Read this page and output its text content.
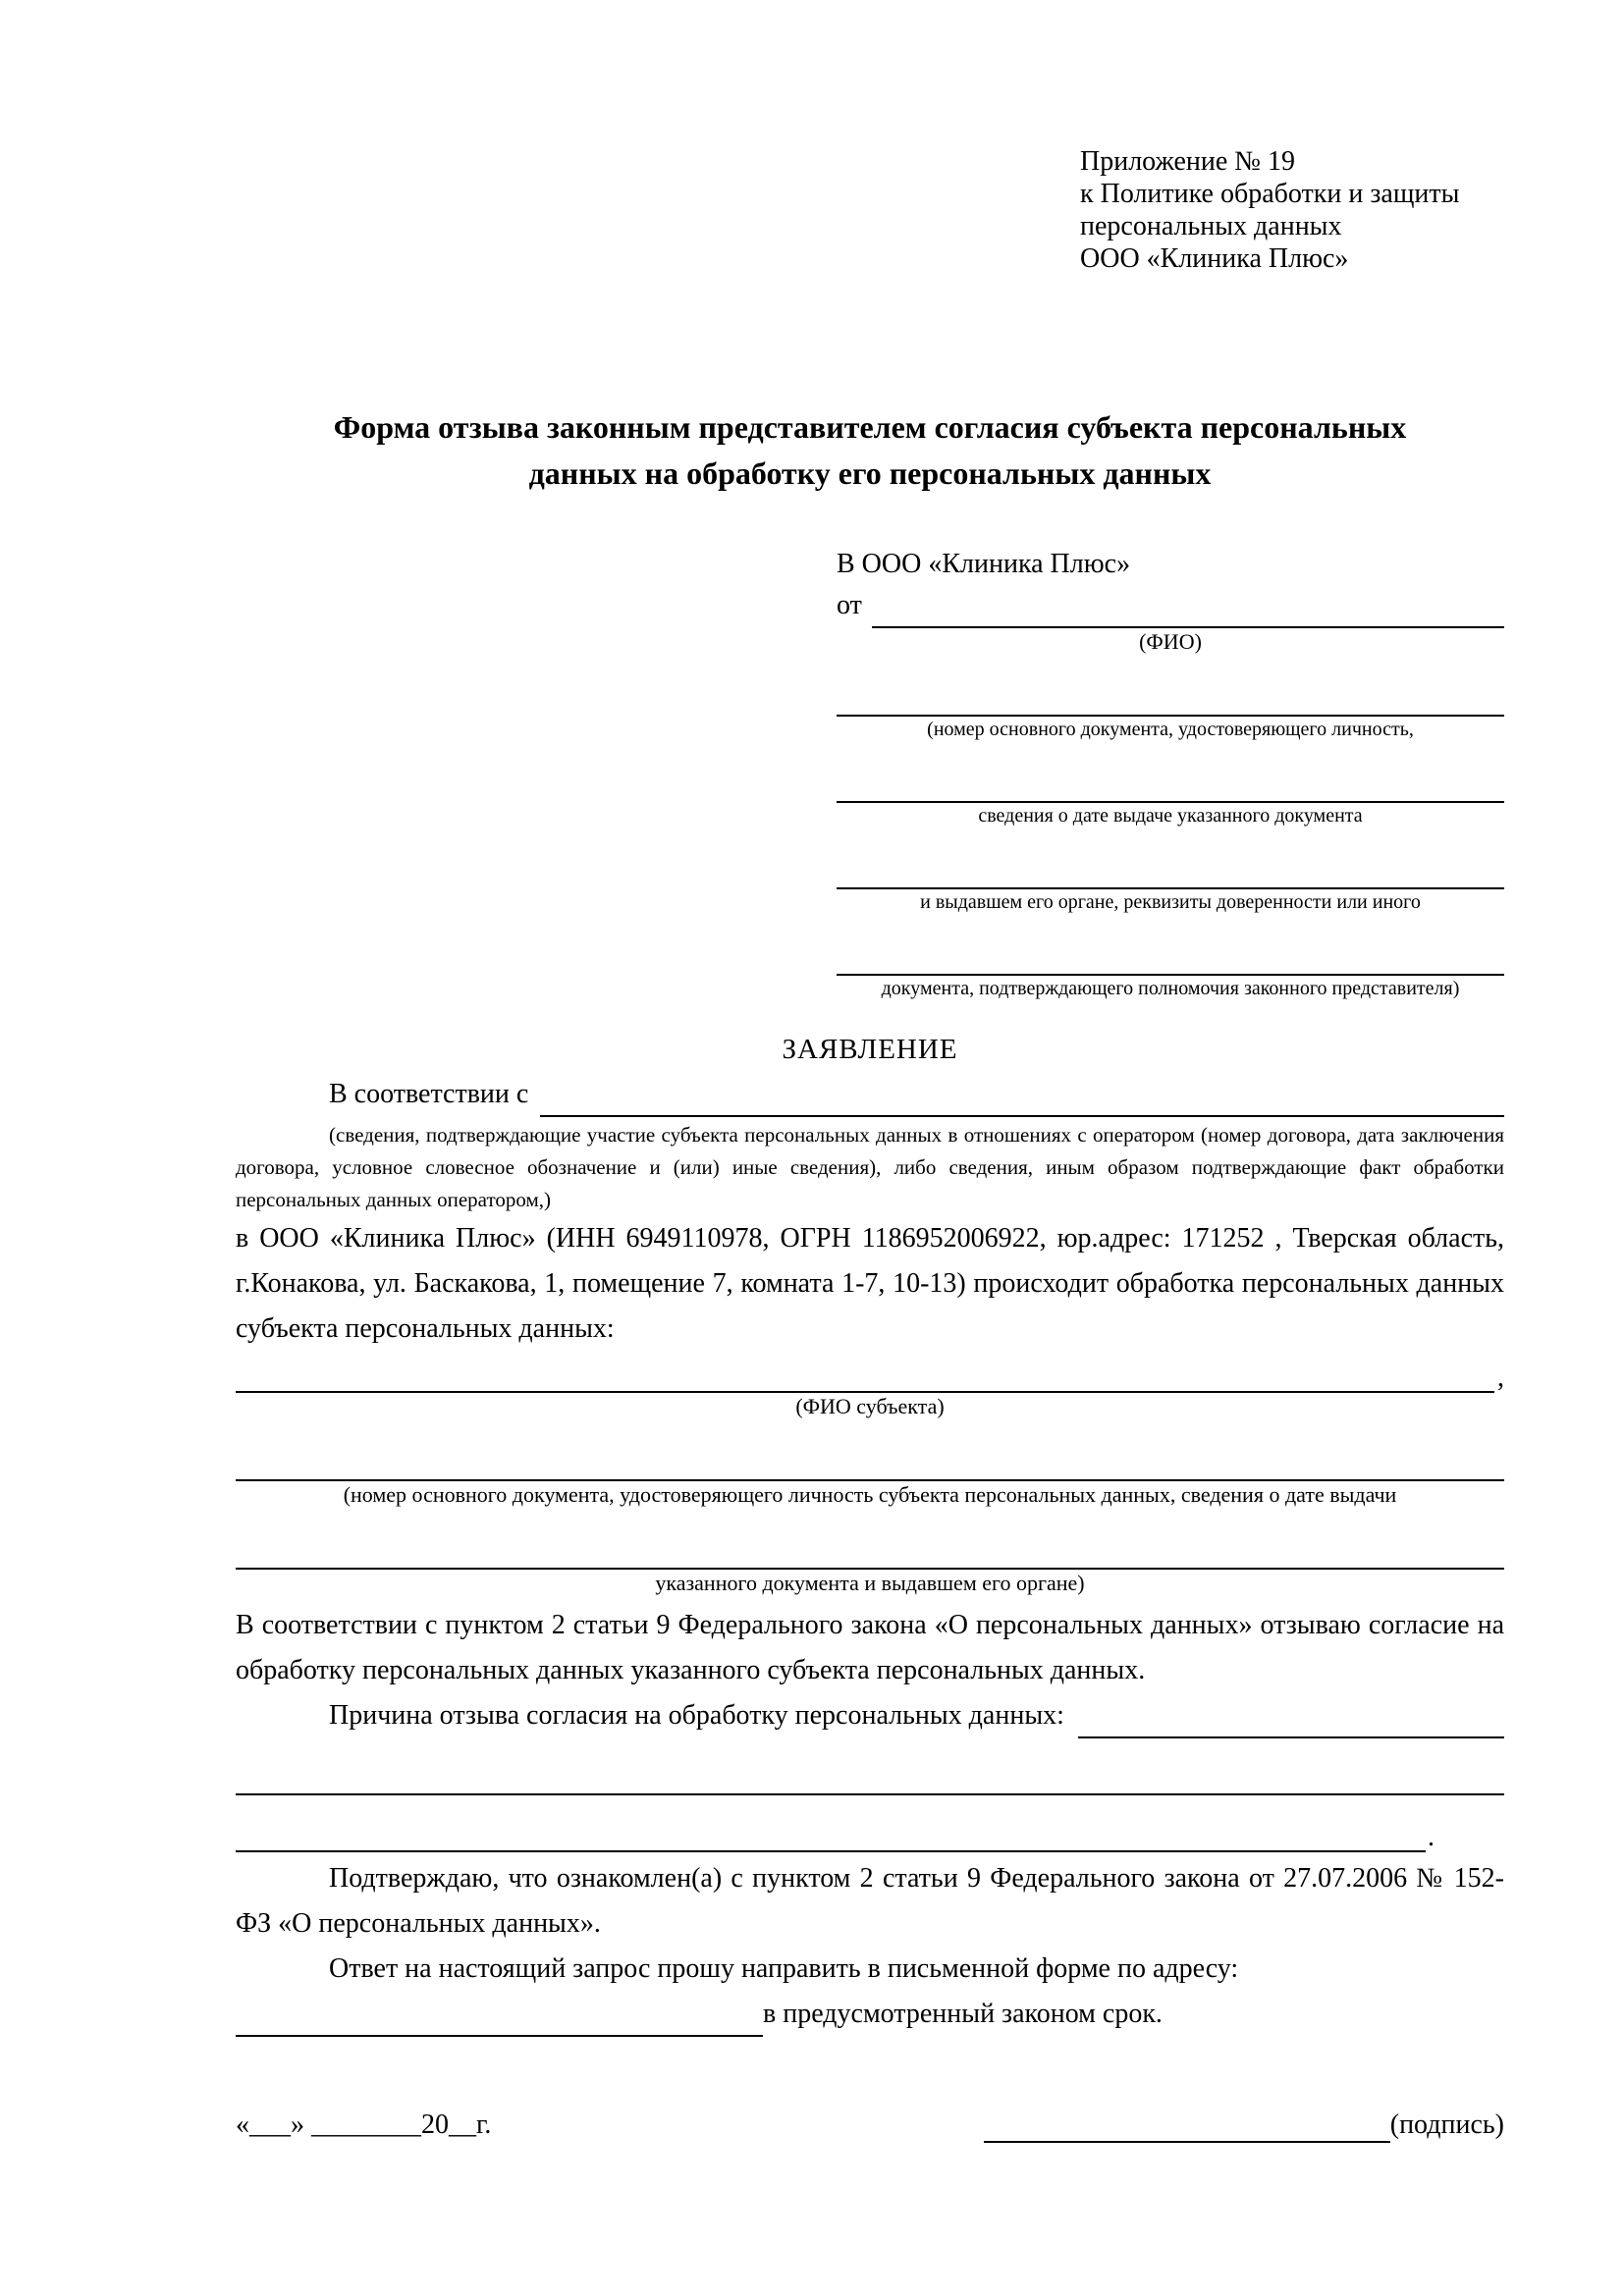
Приложение № 19
к Политике обработки и защиты
персональных данных
ООО «Клиника Плюс»
Форма отзыва законным представителем согласия субъекта персональных данных на обработку его персональных данных
В ООО «Клиника Плюс»
от
(ФИО)
(номер основного документа, удостоверяющего личность,
сведения о дате выдаче указанного документа
и выдавшем его органе, реквизиты доверенности или иного
документа, подтверждающего полномочия законного представителя)
ЗАЯВЛЕНИЕ
В соответствии с
(сведения, подтверждающие участие субъекта персональных данных в отношениях с оператором (номер договора, дата заключения договора, условное словесное обозначение и (или) иные сведения), либо сведения, иным образом подтверждающие факт обработки персональных данных оператором,)
в ООО «Клиника Плюс» (ИНН 6949110978, ОГРН 1186952006922, юр.адрес: 171252 , Тверская область, г.Конакова, ул. Баскакова, 1, помещение 7, комната 1-7, 10-13) происходит обработка персональных данных субъекта персональных данных:
,
(ФИО субъекта)
(номер основного документа, удостоверяющего личность субъекта персональных данных, сведения о дате выдачи
указанного документа и выдавшем его органе)
В соответствии с пунктом 2 статьи 9 Федерального закона «О персональных данных» отзываю согласие на обработку персональных данных указанного субъекта персональных данных.
Причина отзыва согласия на обработку персональных данных:
.
Подтверждаю, что ознакомлен(а) с пунктом 2 статьи 9 Федерального закона от 27.07.2006 № 152-ФЗ «О персональных данных».
Ответ на настоящий запрос прошу направить в письменной форме по адресу:
в предусмотренный законом срок.
«___» ________20__г.	(подпись)
